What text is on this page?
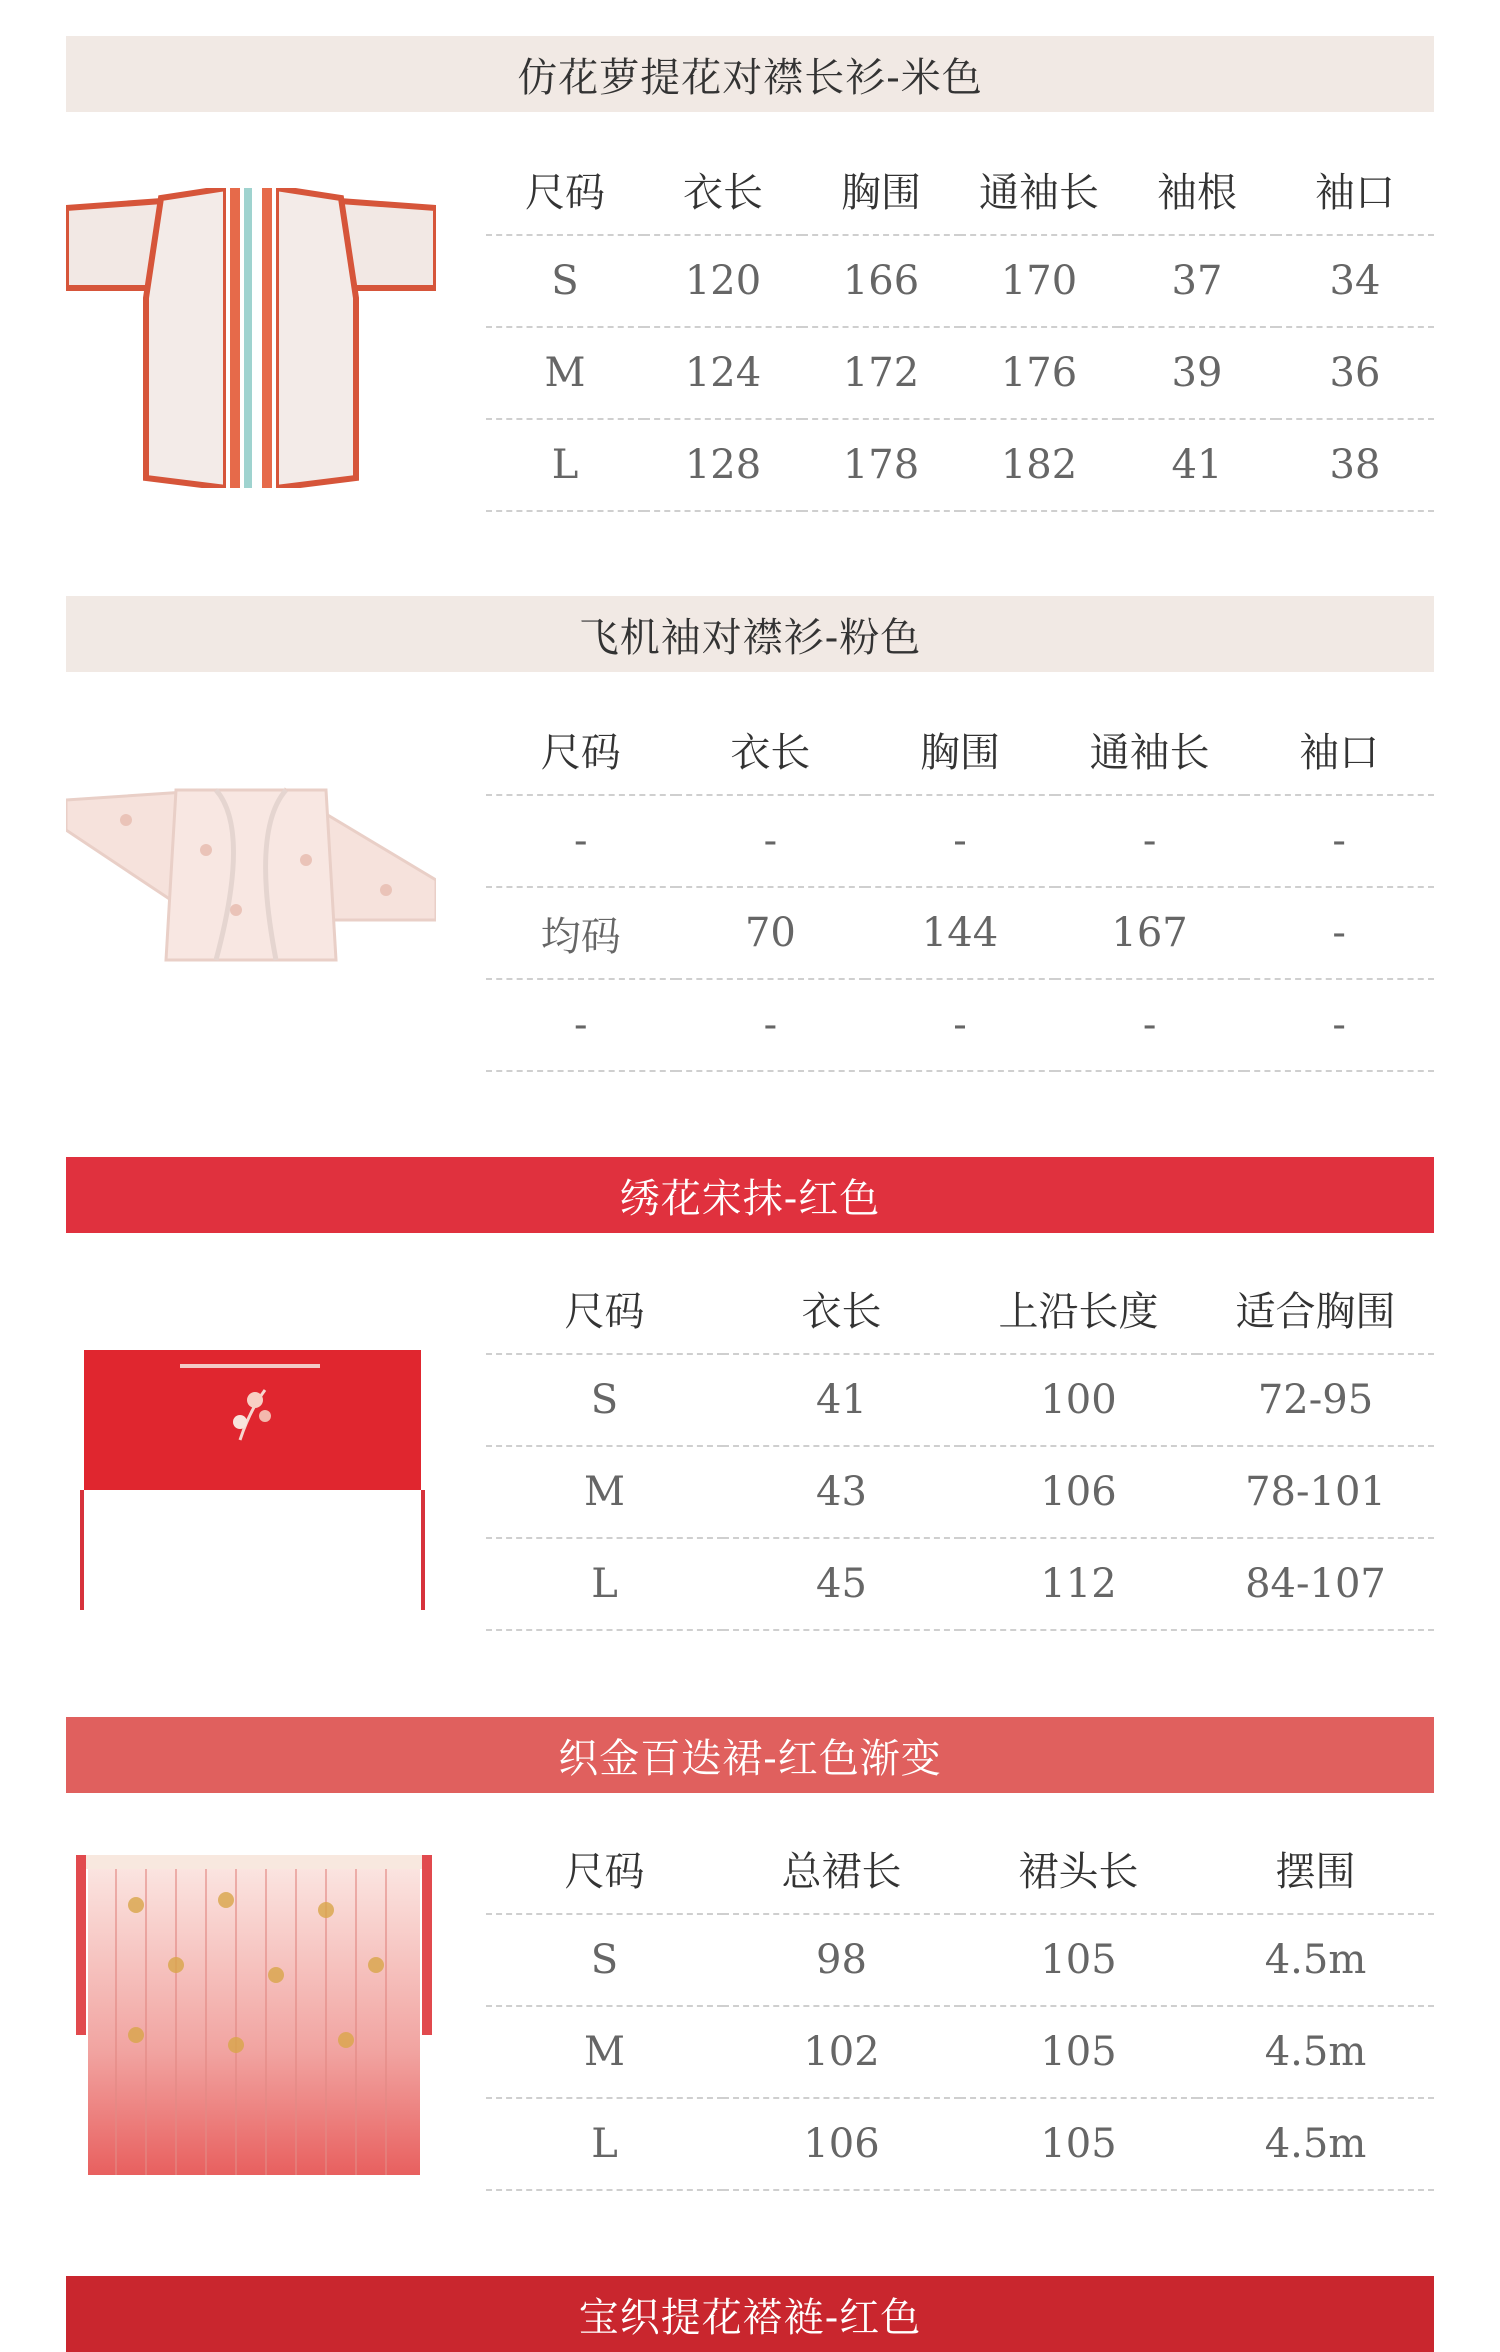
仿花萝提花对襟长衫-米色
尺码	衣长	胸围	通袖长	袖根	袖口
S	120	166	170	37	34
M	124	172	176	39	36
L	128	178	182	41	38
飞机袖对襟衫-粉色
尺码	衣长	胸围	通袖长	袖口
-	-	-	-	-
均码	70	144	167	-
-	-	-	-	-
绣花宋抹-红色
尺码	衣长	上沿长度	适合胸围
S	41	100	72-95
M	43	106	78-101
L	45	112	84-107
织金百迭裙-红色渐变
尺码	总裙长	裙头长	摆围
S	98	105	4.5m
M	102	105	4.5m
L	106	105	4.5m
宝织提花褡裢-红色
